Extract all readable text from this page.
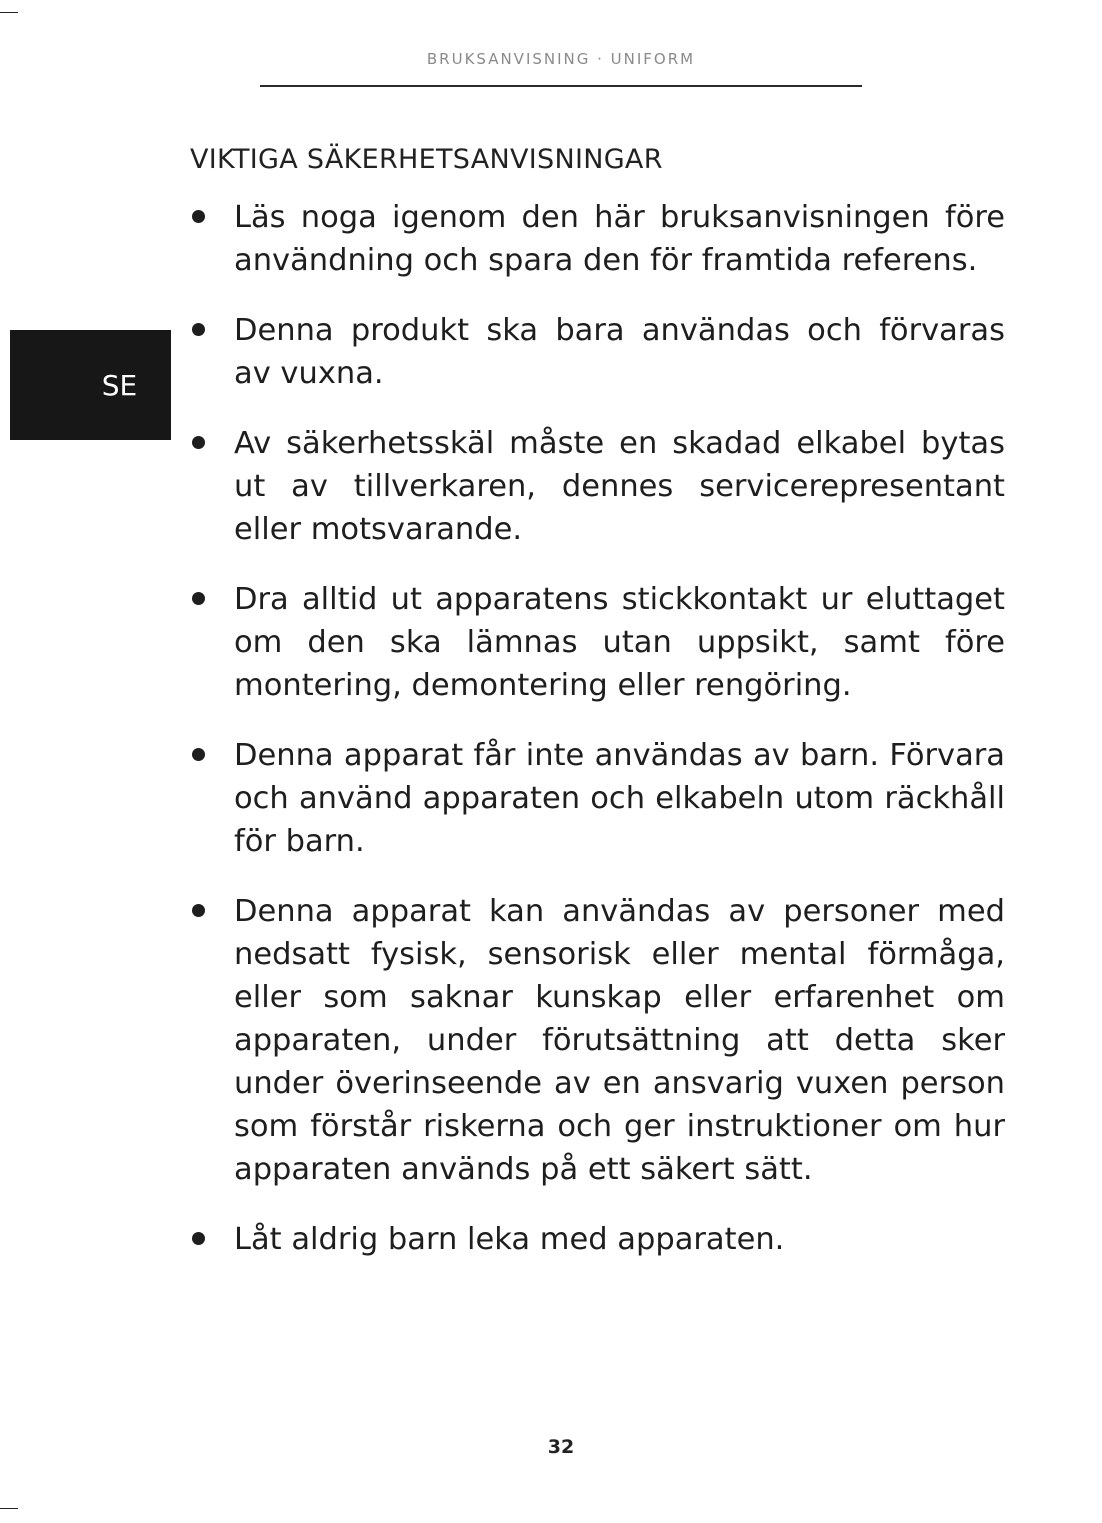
BRUKSANVISNING · UNIFORM
SE
VIKTIGA SÄKERHETSANVISNINGAR
Läs noga igenom den här bruksanvisningen före användning och spara den för framtida referens.
Denna produkt ska bara användas och förvaras av vuxna.
Av säkerhetsskäl måste en skadad elkabel bytas ut av tillverkaren, dennes servicerepresentant eller motsvarande.
Dra alltid ut apparatens stickkontakt ur eluttaget om den ska lämnas utan uppsikt, samt före montering, demontering eller rengöring.
Denna apparat får inte användas av barn. Förvara och använd apparaten och elkabeln utom räckhåll för barn.
Denna apparat kan användas av personer med nedsatt fysisk, sensorisk eller mental förmåga, eller som saknar kunskap eller erfarenhet om apparaten, under förutsättning att detta sker under överinseende av en ansvarig vuxen person som förstår riskerna och ger instruktioner om hur apparaten används på ett säkert sätt.
Låt aldrig barn leka med apparaten.
32
